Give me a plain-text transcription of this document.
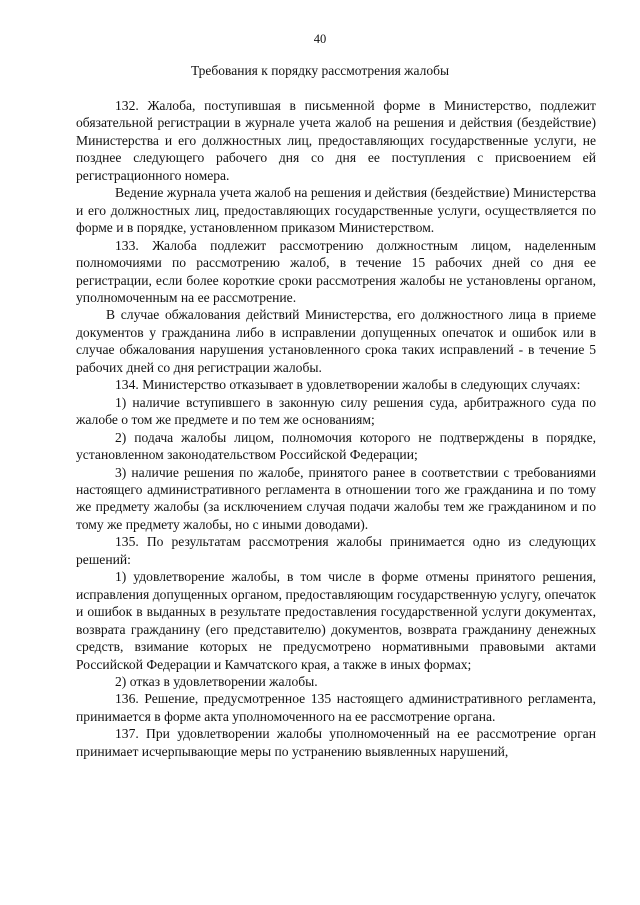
40
Требования к порядку рассмотрения жалобы

132. Жалоба, поступившая в письменной форме в Министерство, подлежит обязательной регистрации в журнале учета жалоб на решения и действия (бездействие) Министерства и его должностных лиц, предоставляющих государственные услуги, не позднее следующего рабочего дня со дня ее поступления с присвоением ей регистрационного номера.

Ведение журнала учета жалоб на решения и действия (бездействие) Министерства и его должностных лиц, предоставляющих государственные услуги, осуществляется по форме и в порядке, установленном приказом Министерством.

133. Жалоба подлежит рассмотрению должностным лицом, наделенным полномочиями по рассмотрению жалоб, в течение 15 рабочих дней со дня ее регистрации, если более короткие сроки рассмотрения жалобы не установлены органом, уполномоченным на ее рассмотрение.

В случае обжалования действий Министерства, его должностного лица в приеме документов у гражданина либо в исправлении допущенных опечаток и ошибок или в случае обжалования нарушения установленного срока таких исправлений - в течение 5 рабочих дней со дня регистрации жалобы.

134. Министерство отказывает в удовлетворении жалобы в следующих случаях:

1) наличие вступившего в законную силу решения суда, арбитражного суда по жалобе о том же предмете и по тем же основаниям;

2) подача жалобы лицом, полномочия которого не подтверждены в порядке, установленном законодательством Российской Федерации;

3) наличие решения по жалобе, принятого ранее в соответствии с требованиями настоящего административного регламента в отношении того же гражданина и по тому же предмету жалобы (за исключением случая подачи жалобы тем же гражданином и по тому же предмету жалобы, но с иными доводами).

135. По результатам рассмотрения жалобы принимается одно из следующих решений:

1) удовлетворение жалобы, в том числе в форме отмены принятого решения, исправления допущенных органом, предоставляющим государственную услугу, опечаток и ошибок в выданных в результате предоставления государственной услуги документах, возврата гражданину (его представителю) документов, возврата гражданину денежных средств, взимание которых не предусмотрено нормативными правовыми актами Российской Федерации и Камчатского края, а также в иных формах;

2) отказ в удовлетворении жалобы.

136. Решение, предусмотренное 135 настоящего административного регламента, принимается в форме акта уполномоченного на ее рассмотрение органа.

137. При удовлетворении жалобы уполномоченный на ее рассмотрение орган принимает исчерпывающие меры по устранению выявленных нарушений,
